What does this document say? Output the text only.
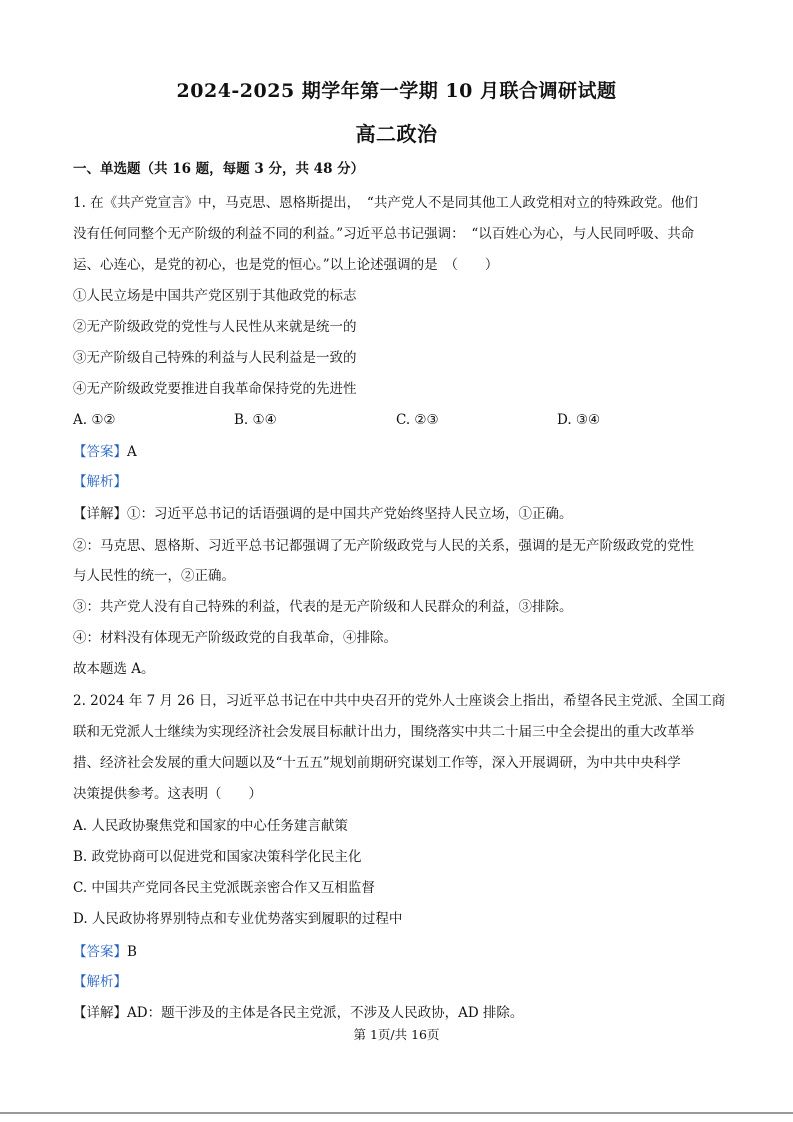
2024-2025 期学年第一学期 10 月联合调研试题
高二政治
一、单选题（共 16 题，每题 3 分，共 48 分）
1. 在《共产党宣言》中，马克思、恩格斯提出，　“共产党人不是同其他工人政党相对立的特殊政党。他们
没有任何同整个无产阶级的利益不同的利益。”习近平总书记强调：　“以百姓心为心，与人民同呼吸、共命
运、心连心，是党的初心，也是党的恒心。”以上论述强调的是　（　　）
①人民立场是中国共产党区别于其他政党的标志
②无产阶级政党的党性与人民性从来就是统一的
③无产阶级自己特殊的利益与人民利益是一致的
④无产阶级政党要推进自我革命保持党的先进性
A. ①②	B. ①④	C. ②③	D. ③④
【答案】A
【解析】
【详解】①：习近平总书记的话语强调的是中国共产党始终坚持人民立场，①正确。
②：马克思、恩格斯、习近平总书记都强调了无产阶级政党与人民的关系，强调的是无产阶级政党的党性
与人民性的统一，②正确。
③：共产党人没有自己特殊的利益，代表的是无产阶级和人民群众的利益，③排除。
④：材料没有体现无产阶级政党的自我革命，④排除。
故本题选 A。
2. 2024 年 7 月 26 日，习近平总书记在中共中央召开的党外人士座谈会上指出，希望各民主党派、全国工商
联和无党派人士继续为实现经济社会发展目标献计出力，围绕落实中共二十届三中全会提出的重大改革举
措、经济社会发展的重大问题以及“十五五”规划前期研究谋划工作等，深入开展调研，为中共中央科学
决策提供参考。这表明（　　）
A. 人民政协聚焦党和国家的中心任务建言献策
B. 政党协商可以促进党和国家决策科学化民主化
C. 中国共产党同各民主党派既亲密合作又互相监督
D. 人民政协将界别特点和专业优势落实到履职的过程中
【答案】B
【解析】
【详解】AD：题干涉及的主体是各民主党派，不涉及人民政协，AD 排除。
第 1页/共 16页
